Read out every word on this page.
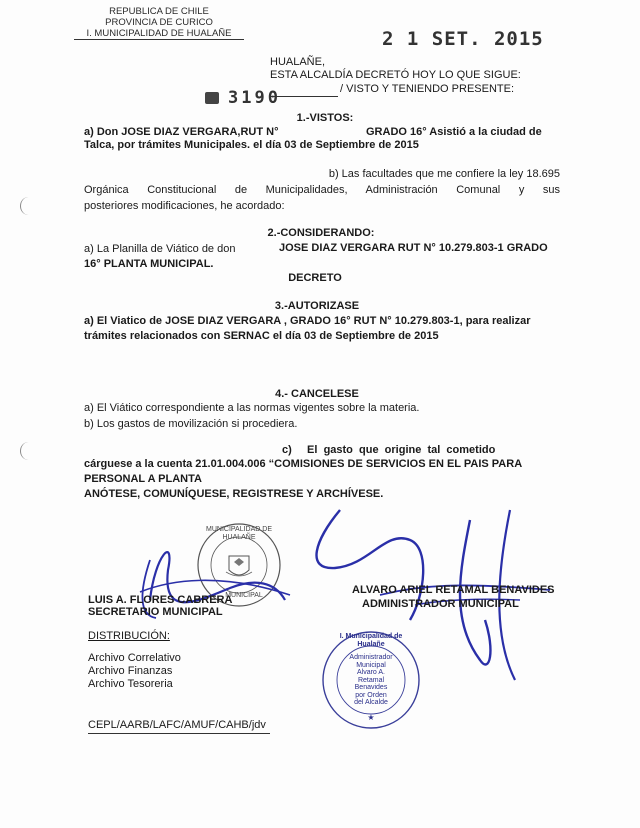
REPUBLICA DE CHILE
PROVINCIA DE CURICO
I. MUNICIPALIDAD DE HUALAÑE	2 1 SET. 2015
HUALAÑE,
ESTA ALCALDÍA DECRETÓ HOY LO QUE SIGUE:
3190	/ VISTO Y TENIENDO PRESENTE:
1.-VISTOS:
a) Don JOSE DIAZ VERGARA,RUT N°	GRADO 16° Asistió a la ciudad de
Talca, por trámites Municipales. el día 03 de Septiembre de 2015
b) Las facultades que me confiere la ley 18.695
Orgánica Constitucional de Municipalidades, Administración Comunal y sus
posteriores modificaciones, he acordado:
2.-CONSIDERANDO:
a) La Planilla de Viático de don	JOSE DIAZ VERGARA RUT N° 10.279.803-1 GRADO
16° PLANTA MUNICIPAL.
DECRETO
3.-AUTORIZASE
a) El Viatico de JOSE DIAZ VERGARA , GRADO 16° RUT N° 10.279.803-1, para realizar
trámites relacionados con SERNAC el día 03 de Septiembre de 2015
4.- CANCELESE
a) El Viático correspondiente a las normas vigentes sobre la materia.
b) Los gastos de movilización si procediera.
c)     El  gasto  que  origine  tal  cometido
cárguese a la cuenta 21.01.004.006 “COMISIONES DE SERVICIOS EN EL PAIS PARA
PERSONAL A PLANTA
ANÓTESE, COMUNÍQUESE, REGISTRESE Y ARCHÍVESE.
MUNICIPALIDAD DE HUALAÑE
MUNICIPAL
LUIS A. FLORES CABRERA
SECRETARIO MUNICIPAL
ALVARO ARIEL RETAMAL BENAVIDES
ADMINISTRADOR MUNICIPAL
I. Municipalidad de Hualañe
Administrador
Municipal
Alvaro A. Retamal
Benavides
por Orden
del Alcalde
★
DISTRIBUCIÓN:
Archivo Correlativo
Archivo Finanzas
Archivo Tesoreria
CEPL/AARB/LAFC/AMUF/CAHB/jdv
